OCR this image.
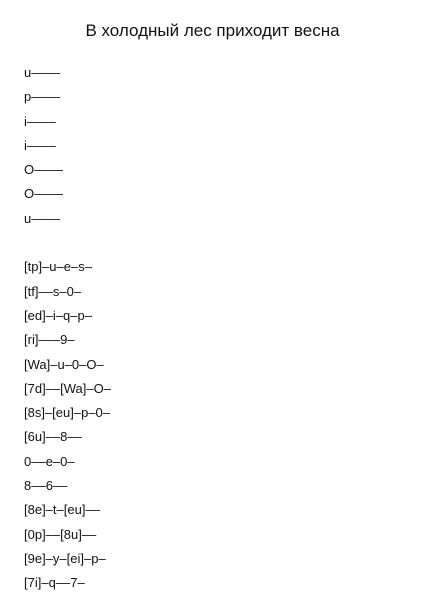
В холодный лес приходит весна
u––––
p––––
i––––
i––––
O––––
O––––
u––––
[tp]–u–e–s–
[tf]––s–0–
[ed]–i–q–p–
[ri]–––9–
[Wa]–u–0–O–
[7d]––[Wa]–O–
[8s]–[eu]–p–0–
[6u]––8––
0––e–0–
8––6––
[8e]–t–[eu]––
[0p]––[8u]––
[9e]–y–[ei]–p–
[7i]–q––7–
